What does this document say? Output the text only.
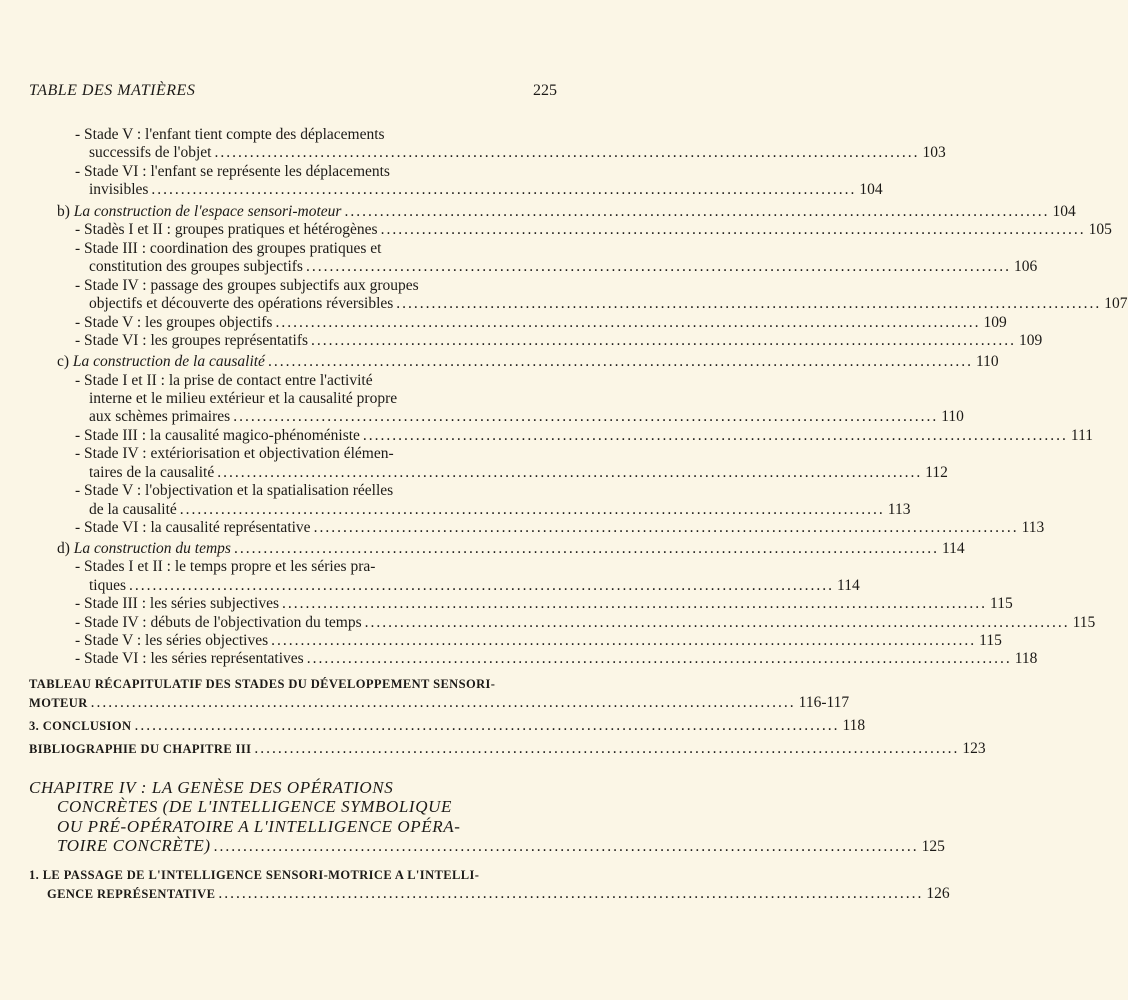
TABLE DES MATIÈRES	225
- Stade V : l'enfant tient compte des déplacements
successifs de l'objet ........................................................................................................................ 103
- Stade VI : l'enfant se représente les déplacements
invisibles ........................................................................................................................ 104
b) La construction de l'espace sensori-moteur ........................................................................................................................ 104
- Stadès I et II : groupes pratiques et hétérogènes ........................................................................................................................ 105
- Stade III : coordination des groupes pratiques et
constitution des groupes subjectifs ........................................................................................................................ 106
- Stade IV : passage des groupes subjectifs aux groupes
objectifs et découverte des opérations réversibles ........................................................................................................................ 107
- Stade V : les groupes objectifs ........................................................................................................................ 109
- Stade VI : les groupes représentatifs ........................................................................................................................ 109
c) La construction de la causalité ........................................................................................................................ 110
- Stade I et II : la prise de contact entre l'activité
interne et le milieu extérieur et la causalité propre
aux schèmes primaires ........................................................................................................................ 110
- Stade III : la causalité magico-phénoméniste ........................................................................................................................ 111
- Stade IV : extériorisation et objectivation élémen-
taires de la causalité ........................................................................................................................ 112
- Stade V : l'objectivation et la spatialisation réelles
de la causalité ........................................................................................................................ 113
- Stade VI : la causalité représentative ........................................................................................................................ 113
d) La construction du temps ........................................................................................................................ 114
- Stades I et II : le temps propre et les séries pra-
tiques ........................................................................................................................ 114
- Stade III : les séries subjectives ........................................................................................................................ 115
- Stade IV : débuts de l'objectivation du temps ........................................................................................................................ 115
- Stade V : les séries objectives ........................................................................................................................ 115
- Stade VI : les séries représentatives ........................................................................................................................ 118
TABLEAU RÉCAPITULATIF DES STADES DU DÉVELOPPEMENT SENSORI-
MOTEUR ........................................................................................................................ 116-117
3. CONCLUSION ........................................................................................................................ 118
BIBLIOGRAPHIE DU CHAPITRE III ........................................................................................................................ 123
CHAPITRE IV : LA GENÈSE DES OPÉRATIONS
CONCRÈTES (DE L'INTELLIGENCE SYMBOLIQUE
OU PRÉ-OPÉRATOIRE A L'INTELLIGENCE OPÉRA-
TOIRE CONCRÈTE) ........................................................................................................................ 125
1. LE PASSAGE DE L'INTELLIGENCE SENSORI-MOTRICE A L'INTELLI-
GENCE REPRÉSENTATIVE ........................................................................................................................ 126
